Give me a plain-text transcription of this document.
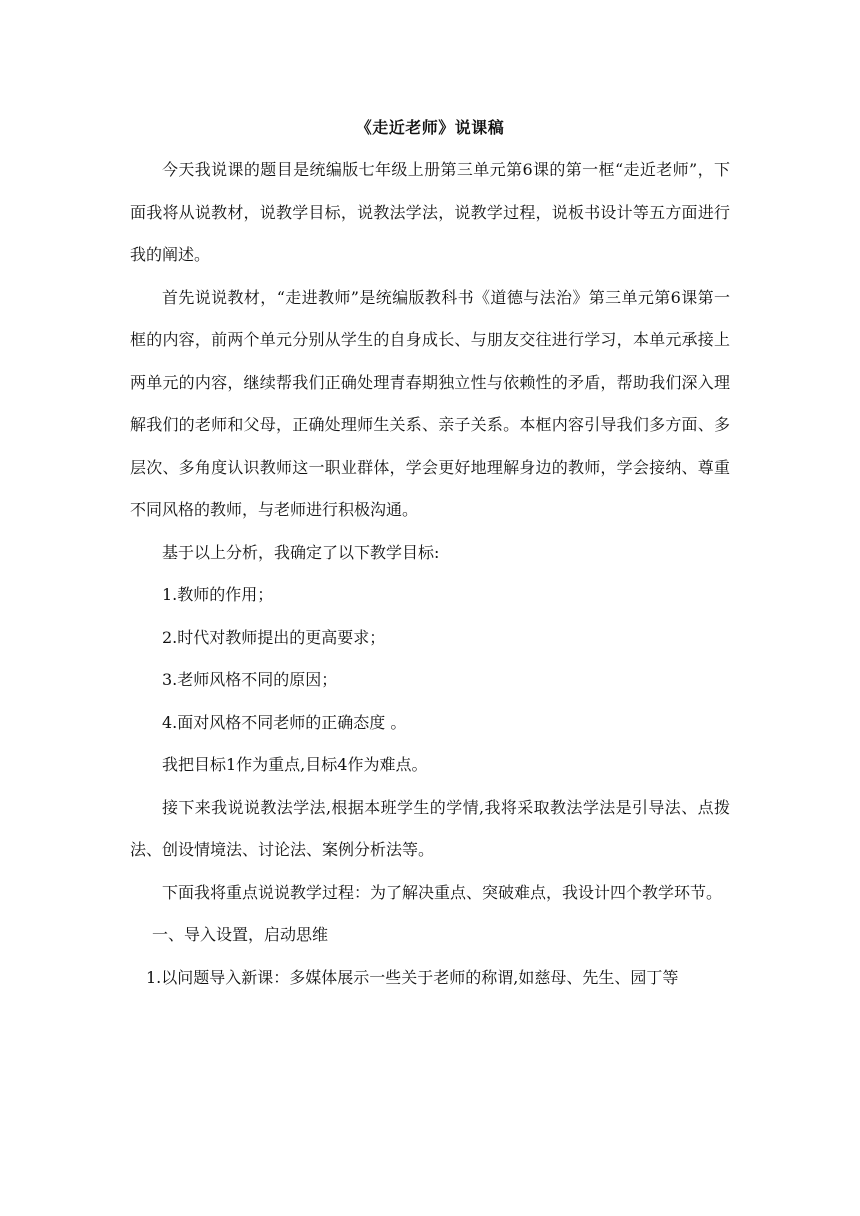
《走近老师》说课稿

今天我说课的题目是统编版七年级上册第三单元第6课的第一框“走近老师”，下面我将从说教材，说教学目标，说教法学法，说教学过程，说板书设计等五方面进行我的阐述。

首先说说教材，“走进教师”是统编版教科书《道德与法治》第三单元第6课第一框的内容，前两个单元分别从学生的自身成长、与朋友交往进行学习，本单元承接上两单元的内容，继续帮我们正确处理青春期独立性与依赖性的矛盾，帮助我们深入理解我们的老师和父母，正确处理师生关系、亲子关系。本框内容引导我们多方面、多层次、多角度认识教师这一职业群体，学会更好地理解身边的教师，学会接纳、尊重不同风格的教师，与老师进行积极沟通。

基于以上分析，我确定了以下教学目标:

1.教师的作用；

2.时代对教师提出的更高要求；

3.老师风格不同的原因；

4.面对风格不同老师的正确态度 。

我把目标1作为重点,目标4作为难点。

接下来我说说教法学法,根据本班学生的学情,我将采取教法学法是引导法、点拨法、创设情境法、讨论法、案例分析法等。

下面我将重点说说教学过程：为了解决重点、突破难点，我设计四个教学环节。

一、导入设置，启动思维

1.以问题导入新课：多媒体展示一些关于老师的称谓,如慈母、先生、园丁等
